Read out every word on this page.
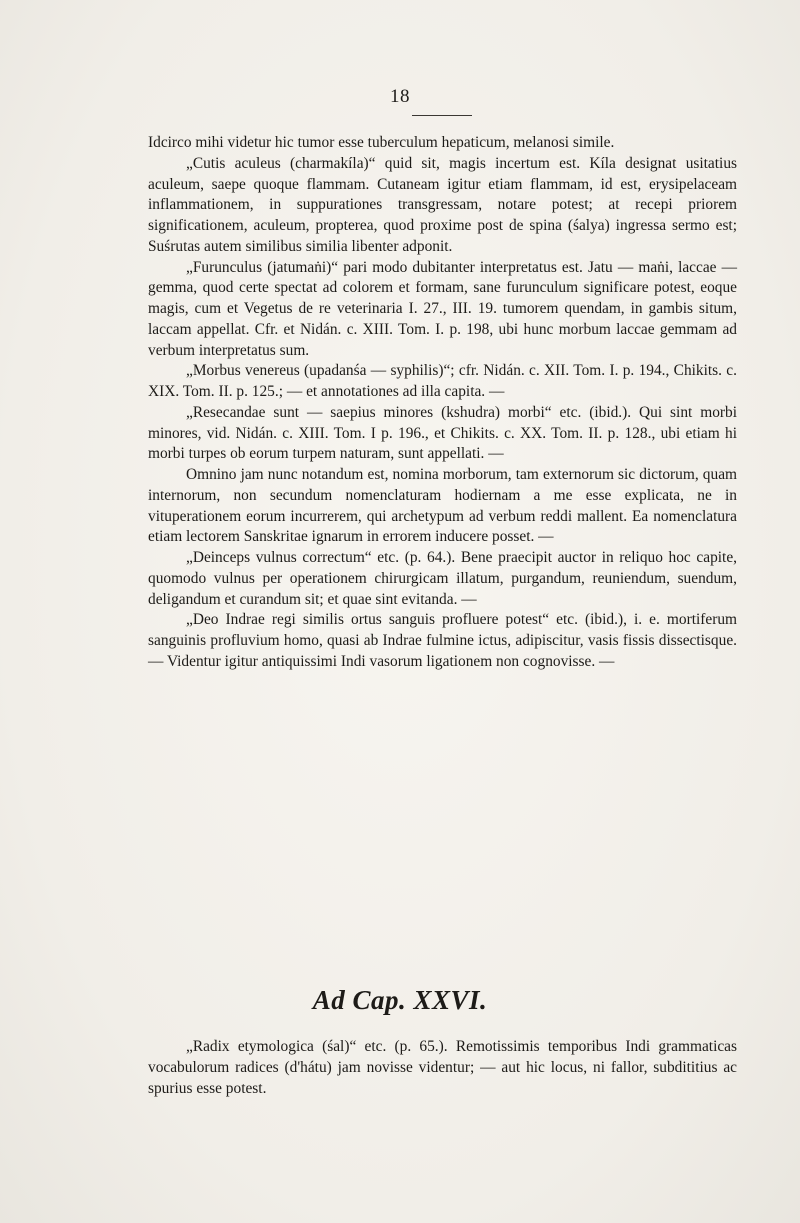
18

Idcirco mihi videtur hic tumor esse tuberculum hepaticum, melanosi simile.

„Cutis aculeus (charmakíla)“ quid sit, magis incertum est. Kíla designat usitatius aculeum, saepe quoque flammam. Cutaneam igitur etiam flammam, id est, erysipelaceam inflammationem, in suppurationes transgressam, notare potest; at recepi priorem significationem, aculeum, propterea, quod proxime post de spina (śalya) ingressa sermo est; Suśrutas autem similibus similia libenter adponit.

„Furunculus (jatumaṅi)“ pari modo dubitanter interpretatus est. Jatu — maṅi, laccae — gemma, quod certe spectat ad colorem et formam, sane furunculum significare potest, eoque magis, cum et Vegetus de re veterinaria I. 27., III. 19. tumorem quendam, in gambis situm, laccam appellat. Cfr. et Nidán. c. XIII. Tom. I. p. 198, ubi hunc morbum laccae gemmam ad verbum interpretatus sum.

„Morbus venereus (upadanśa — syphilis)“; cfr. Nidán. c. XII. Tom. I. p. 194., Chikits. c. XIX. Tom. II. p. 125.; — et annotationes ad illa capita. —

„Resecandae sunt — saepius minores (kshudra) morbi“ etc. (ibid.). Qui sint morbi minores, vid. Nidán. c. XIII. Tom. I p. 196., et Chikits. c. XX. Tom. II. p. 128., ubi etiam hi morbi turpes ob eorum turpem naturam, sunt appellati. —

Omnino jam nunc notandum est, nomina morborum, tam externorum sic dictorum, quam internorum, non secundum nomenclaturam hodiernam a me esse explicata, ne in vituperationem eorum incurrerem, qui archetypum ad verbum reddi mallent. Ea nomenclatura etiam lectorem Sanskritae ignarum in errorem inducere posset. —

„Deinceps vulnus correctum“ etc. (p. 64.). Bene praecipit auctor in reliquo hoc capite, quomodo vulnus per operationem chirurgicam illatum, purgandum, reuniendum, suendum, deligandum et curandum sit; et quae sint evitanda. —

„Deo Indrae regi similis ortus sanguis profluere potest“ etc. (ibid.), i. e. mortiferum sanguinis profluvium homo, quasi ab Indrae fulmine ictus, adipiscitur, vasis fissis dissectisque. — Videntur igitur antiquissimi Indi vasorum ligationem non cognovisse. —

Ad Cap. XXVI.

„Radix etymologica (śal)“ etc. (p. 65.). Remotissimis temporibus Indi grammaticas vocabulorum radices (d'hátu) jam novisse videntur; — aut hic locus, ni fallor, subdititius ac spurius esse potest.
